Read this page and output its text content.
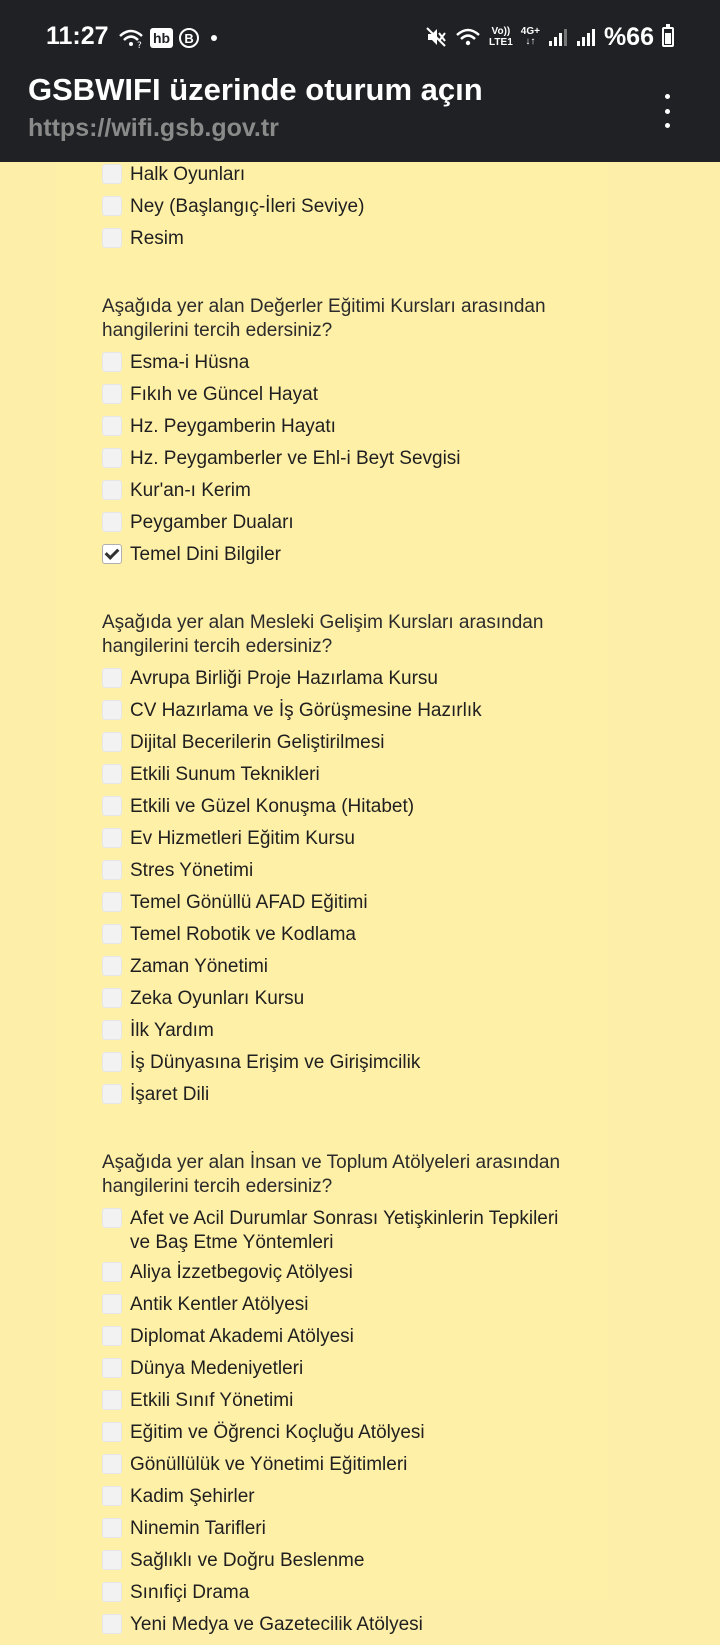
11:27	? hb	B	Vo))
LTE1
4G+
↓↑	%66
GSBWIFI üzerinde oturum açın
https://wifi.gsb.gov.tr
Halk Oyunları
Ney (Başlangıç-İleri Seviye)
Resim

Aşağıda yer alan Değerler Eğitimi Kursları arasından hangilerini tercih edersiniz?

Esma-i Hüsna
Fıkıh ve Güncel Hayat
Hz. Peygamberin Hayatı
Hz. Peygamberler ve Ehl-i Beyt Sevgisi
Kur'an-ı Kerim
Peygamber Duaları
Temel Dini Bilgiler

Aşağıda yer alan Mesleki Gelişim Kursları arasından hangilerini tercih edersiniz?

Avrupa Birliği Proje Hazırlama Kursu
CV Hazırlama ve İş Görüşmesine Hazırlık
Dijital Becerilerin Geliştirilmesi
Etkili Sunum Teknikleri
Etkili ve Güzel Konuşma (Hitabet)
Ev Hizmetleri Eğitim Kursu
Stres Yönetimi
Temel Gönüllü AFAD Eğitimi
Temel Robotik ve Kodlama
Zaman Yönetimi
Zeka Oyunları Kursu
İlk Yardım
İş Dünyasına Erişim ve Girişimcilik
İşaret Dili

Aşağıda yer alan İnsan ve Toplum Atölyeleri arasından hangilerini tercih edersiniz?

Afet ve Acil Durumlar Sonrası Yetişkinlerin Tepkileri ve Baş Etme Yöntemleri
Aliya İzzetbegoviç Atölyesi
Antik Kentler Atölyesi
Diplomat Akademi Atölyesi
Dünya Medeniyetleri
Etkili Sınıf Yönetimi
Eğitim ve Öğrenci Koçluğu Atölyesi
Gönüllülük ve Yönetimi Eğitimleri
Kadim Şehirler
Ninemin Tarifleri
Sağlıklı ve Doğru Beslenme
Sınıfiçi Drama
Yeni Medya ve Gazetecilik Atölyesi
